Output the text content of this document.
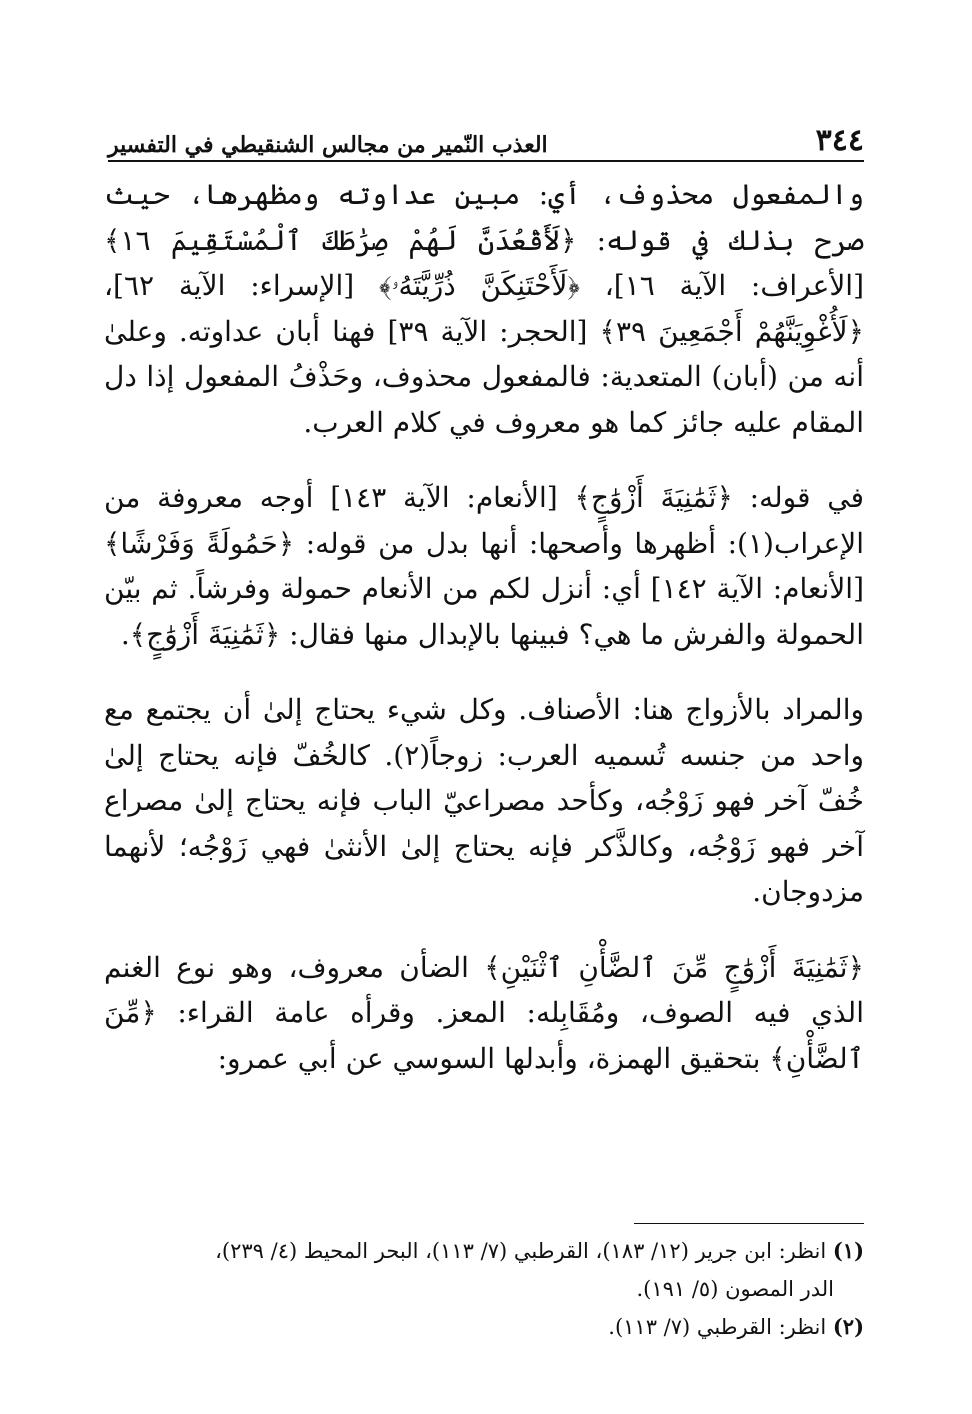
٣٤٤
العذب النّمير من مجالس الشنقيطي في التفسير

والمفعول محذوف، أي: مبين عداوته ومظهرها، حيث صرح بذلك في قوله: ﴿لَأَقْعُدَنَّ لَهُمْ صِرَٰطَكَ ٱلْمُسْتَقِيمَ ١٦﴾ [الأعراف: الآية ١٦]، ﴿لَأَحْتَنِكَنَّ ذُرِّيَّتَهُۥ﴾ [الإسراء: الآية ٦٢]، ﴿لَأُغْوِيَنَّهُمْ أَجْمَعِينَ ٣٩﴾ [الحجر: الآية ٣٩] فهنا أبان عداوته. وعلىٰ أنه من (أبان) المتعدية: فالمفعول محذوف، وحَذْفُ المفعول إذا دل المقام عليه جائز كما هو معروف في كلام العرب.

في قوله: ﴿ثَمَٰنِيَةَ أَزْوَٰجٍ﴾ [الأنعام: الآية ١٤٣] أوجه معروفة من الإعراب(١): أظهرها وأصحها: أنها بدل من قوله: ﴿حَمُولَةً وَفَرْشًا﴾ [الأنعام: الآية ١٤٢] أي: أنزل لكم من الأنعام حمولة وفرشاً. ثم بيّن الحمولة والفرش ما هي؟ فبينها بالإبدال منها فقال: ﴿ثَمَٰنِيَةَ أَزْوَٰجٍ﴾.

والمراد بالأزواج هنا: الأصناف. وكل شيء يحتاج إلىٰ أن يجتمع مع واحد من جنسه تُسميه العرب: زوجاً(٢). كالخُفّ فإنه يحتاج إلىٰ خُفّ آخر فهو زَوْجُه، وكأحد مصراعيّ الباب فإنه يحتاج إلىٰ مصراع آخر فهو زَوْجُه، وكالذَّكر فإنه يحتاج إلىٰ الأنثىٰ فهي زَوْجُه؛ لأنهما مزدوجان.

﴿ثَمَٰنِيَةَ أَزْوَٰجٍ مِّنَ ٱلضَّأْنِ ٱثْنَيْنِ﴾ الضأن معروف، وهو نوع الغنم الذي فيه الصوف، ومُقَابِله: المعز. وقرأه عامة القراء: ﴿مِّنَ ٱلضَّأْنِ﴾ بتحقيق الهمزة، وأبدلها السوسي عن أبي عمرو:

(١) انظر: ابن جرير (١٢/ ١٨٣)، القرطبي (٧/ ١١٣)، البحر المحيط (٤/ ٢٣٩)،
الدر المصون (٥/ ١٩١).

(٢) انظر: القرطبي (٧/ ١١٣).
